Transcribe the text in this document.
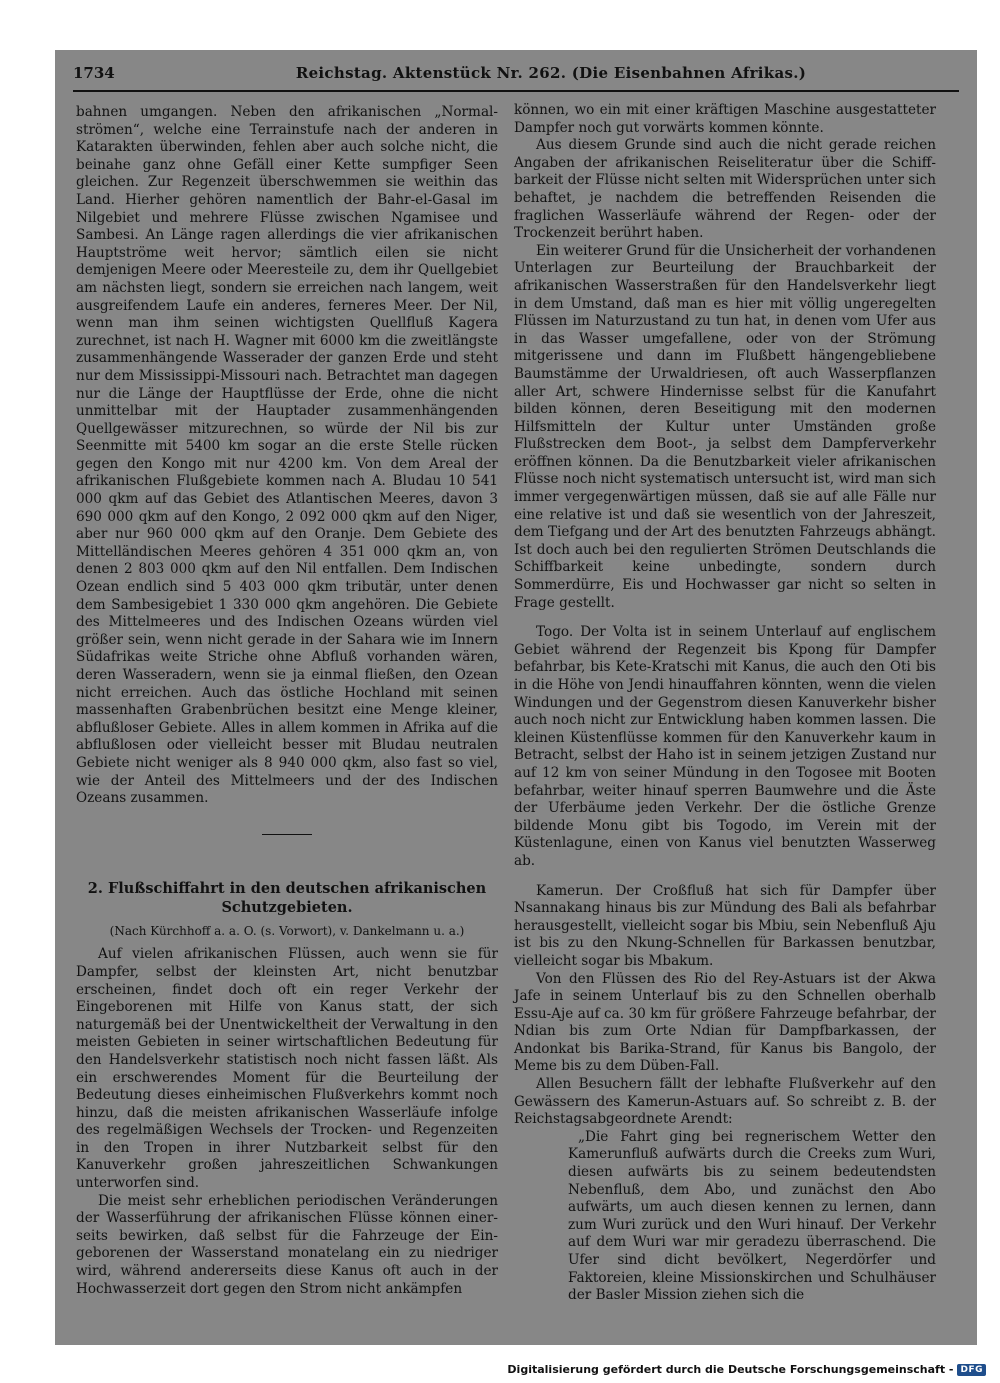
1734	Reichstag. Aktenstück Nr. 262. (Die Eisenbahnen Afrikas.)

bahnen umgangen. Neben den afrikanischen „Normalströmen“, welche eine Terrainstufe nach der anderen in Katarakten überwinden, fehlen aber auch solche nicht, die beinahe ganz ohne Gefäll einer Kette sumpfiger Seen gleichen. Zur Regenzeit überschwemmen sie weithin das Land. Hierher gehören namentlich der Bahr-el-Gasal im Nilgebiet und mehrere Flüsse zwischen Ngamisee und Sambesi. An Länge ragen allerdings die vier afrikanischen Hauptströme weit hervor; sämtlich eilen sie nicht demjenigen Meere oder Meeresteile zu, dem ihr Quellgebiet am nächsten liegt, sondern sie erreichen nach langem, weit ausgreifendem Laufe ein anderes, ferneres Meer. Der Nil, wenn man ihm seinen wichtigsten Quellfluß Kagera zurechnet, ist nach H. Wagner mit 6000 km die zweitlängste zusammenhängende Wasserader der ganzen Erde und steht nur dem Mississippi-Missouri nach. Betrachtet man dagegen nur die Länge der Hauptflüsse der Erde, ohne die nicht unmittelbar mit der Hauptader zusammenhängenden Quellgewässer mitzurechnen, so würde der Nil bis zur Seenmitte mit 5400 km sogar an die erste Stelle rücken gegen den Kongo mit nur 4200 km. Von dem Areal der afrikanischen Flußgebiete kommen nach A. Bludau 10 541 000 qkm auf das Gebiet des Atlantischen Meeres, davon 3 690 000 qkm auf den Kongo, 2 092 000 qkm auf den Niger, aber nur 960 000 qkm auf den Oranje. Dem Gebiete des Mittelländischen Meeres gehören 4 351 000 qkm an, von denen 2 803 000 qkm auf den Nil entfallen. Dem Indischen Ozean endlich sind 5 403 000 qkm tributär, unter denen dem Sambesigebiet 1 330 000 qkm angehören. Die Gebiete des Mittelmeeres und des Indischen Ozeans würden viel größer sein, wenn nicht gerade in der Sahara wie im Innern Südafrikas weite Striche ohne Abfluß vorhanden wären, deren Wasseradern, wenn sie ja einmal fließen, den Ozean nicht erreichen. Auch das östliche Hochland mit seinen massenhaften Grabenbrüchen besitzt eine Menge kleiner, abflußloser Gebiete. Alles in allem kommen in Afrika auf die abflußlosen oder vielleicht besser mit Bludau neutralen Gebiete nicht weniger als 8 940 000 qkm, also fast so viel, wie der Anteil des Mittelmeers und der des Indischen Ozeans zusammen.

2. Flußschiffahrt in den deutschen afrikanischen Schutzgebieten.

(Nach Kürchhoff a. a. O. (s. Vorwort), v. Dankelmann u. a.)

Auf vielen afrikanischen Flüssen, auch wenn sie für Dampfer, selbst der kleinsten Art, nicht benutzbar erscheinen, findet doch oft ein reger Verkehr der Eingeborenen mit Hilfe von Kanus statt, der sich naturgemäß bei der Unentwickeltheit der Verwaltung in den meisten Gebieten in seiner wirtschaftlichen Bedeutung für den Handelsverkehr statistisch noch nicht fassen läßt. Als ein erschwerendes Moment für die Beurteilung der Bedeutung dieses einheimischen Flußverkehrs kommt noch hinzu, daß die meisten afrikanischen Wasserläufe infolge des regelmäßigen Wechsels der Trocken- und Regenzeiten in den Tropen in ihrer Nutzbarkeit selbst für den Kanuverkehr großen jahreszeitlichen Schwankungen unterworfen sind.

Die meist sehr erheblichen periodischen Veränderungen der Wasserführung der afrikanischen Flüsse können einerseits bewirken, daß selbst für die Fahrzeuge der Eingeborenen der Wasserstand monatelang ein zu niedriger wird, während andererseits diese Kanus oft auch in der Hochwasserzeit dort gegen den Strom nicht ankämpfen

können, wo ein mit einer kräftigen Maschine ausgestatteter Dampfer noch gut vorwärts kommen könnte.

Aus diesem Grunde sind auch die nicht gerade reichen Angaben der afrikanischen Reiseliteratur über die Schiffbarkeit der Flüsse nicht selten mit Widersprüchen unter sich behaftet, je nachdem die betreffenden Reisenden die fraglichen Wasserläufe während der Regen- oder der Trockenzeit berührt haben.

Ein weiterer Grund für die Unsicherheit der vorhandenen Unterlagen zur Beurteilung der Brauchbarkeit der afrikanischen Wasserstraßen für den Handelsverkehr liegt in dem Umstand, daß man es hier mit völlig ungeregelten Flüssen im Naturzustand zu tun hat, in denen vom Ufer aus in das Wasser umgefallene, oder von der Strömung mitgerissene und dann im Flußbett hängengebliebene Baumstämme der Urwaldriesen, oft auch Wasserpflanzen aller Art, schwere Hindernisse selbst für die Kanufahrt bilden können, deren Beseitigung mit den modernen Hilfsmitteln der Kultur unter Umständen große Flußstrecken dem Boot-, ja selbst dem Dampferverkehr eröffnen können. Da die Benutzbarkeit vieler afrikanischen Flüsse noch nicht systematisch untersucht ist, wird man sich immer vergegenwärtigen müssen, daß sie auf alle Fälle nur eine relative ist und daß sie wesentlich von der Jahreszeit, dem Tiefgang und der Art des benutzten Fahrzeugs abhängt. Ist doch auch bei den regulierten Strömen Deutschlands die Schiffbarkeit keine unbedingte, sondern durch Sommerdürre, Eis und Hochwasser gar nicht so selten in Frage gestellt.

Togo. Der Volta ist in seinem Unterlauf auf englischem Gebiet während der Regenzeit bis Kpong für Dampfer befahrbar, bis Kete-Kratschi mit Kanus, die auch den Oti bis in die Höhe von Jendi hinauffahren könnten, wenn die vielen Windungen und der Gegenstrom diesen Kanuverkehr bisher auch noch nicht zur Entwicklung haben kommen lassen. Die kleinen Küstenflüsse kommen für den Kanuverkehr kaum in Betracht, selbst der Haho ist in seinem jetzigen Zustand nur auf 12 km von seiner Mündung in den Togosee mit Booten befahrbar, weiter hinauf sperren Baumwehre und die Äste der Uferbäume jeden Verkehr. Der die östliche Grenze bildende Monu gibt bis Togodo, im Verein mit der Küstenlagune, einen von Kanus viel benutzten Wasserweg ab.

Kamerun. Der Croßfluß hat sich für Dampfer über Nsannakang hinaus bis zur Mündung des Bali als befahrbar herausgestellt, vielleicht sogar bis Mbiu, sein Nebenfluß Aju ist bis zu den Nkung-Schnellen für Barkassen benutzbar, vielleicht sogar bis Mbakum.

Von den Flüssen des Rio del Rey-Astuars ist der Akwa Jafe in seinem Unterlauf bis zu den Schnellen oberhalb Essu-Aje auf ca. 30 km für größere Fahrzeuge befahrbar, der Ndian bis zum Orte Ndian für Dampfbarkassen, der Andonkat bis Barika-Strand, für Kanus bis Bangolo, der Meme bis zu dem Düben-Fall.

Allen Besuchern fällt der lebhafte Flußverkehr auf den Gewässern des Kamerun-Astuars auf. So schreibt z. B. der Reichstagsabgeordnete Arendt:

„Die Fahrt ging bei regnerischem Wetter den Kamerunfluß aufwärts durch die Creeks zum Wuri, diesen aufwärts bis zu seinem bedeutendsten Nebenfluß, dem Abo, und zunächst den Abo aufwärts, um auch diesen kennen zu lernen, dann zum Wuri zurück und den Wuri hinauf. Der Verkehr auf dem Wuri war mir geradezu überraschend. Die Ufer sind dicht bevölkert, Negerdörfer und Faktoreien, kleine Missionskirchen und Schulhäuser der Basler Mission ziehen sich die

Digitalisierung gefördert durch die Deutsche Forschungsgemeinschaft - DFG
